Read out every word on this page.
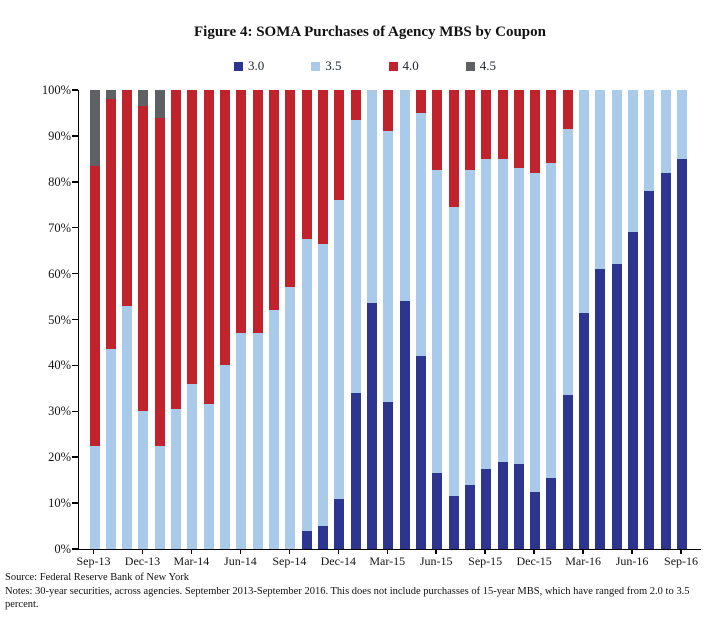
Figure 4: SOMA Purchases of Agency MBS by Coupon
3.0	3.5	4.0	4.5
100%
90%
80%
70%
60%
50%
40%
30%
20%
10%
0%
Sep-13	Dec-13	Mar-14	Jun-14	Sep-14	Dec-14	Mar-15	Jun-15	Sep-15	Dec-15	Mar-16	Jun-16	Sep-16
Source: Federal Reserve Bank of New York
Notes: 30-year securities, across agencies. September 2013-September 2016. This does not include purchasses of 15-year MBS, which have ranged from 2.0 to 3.5 percent.
